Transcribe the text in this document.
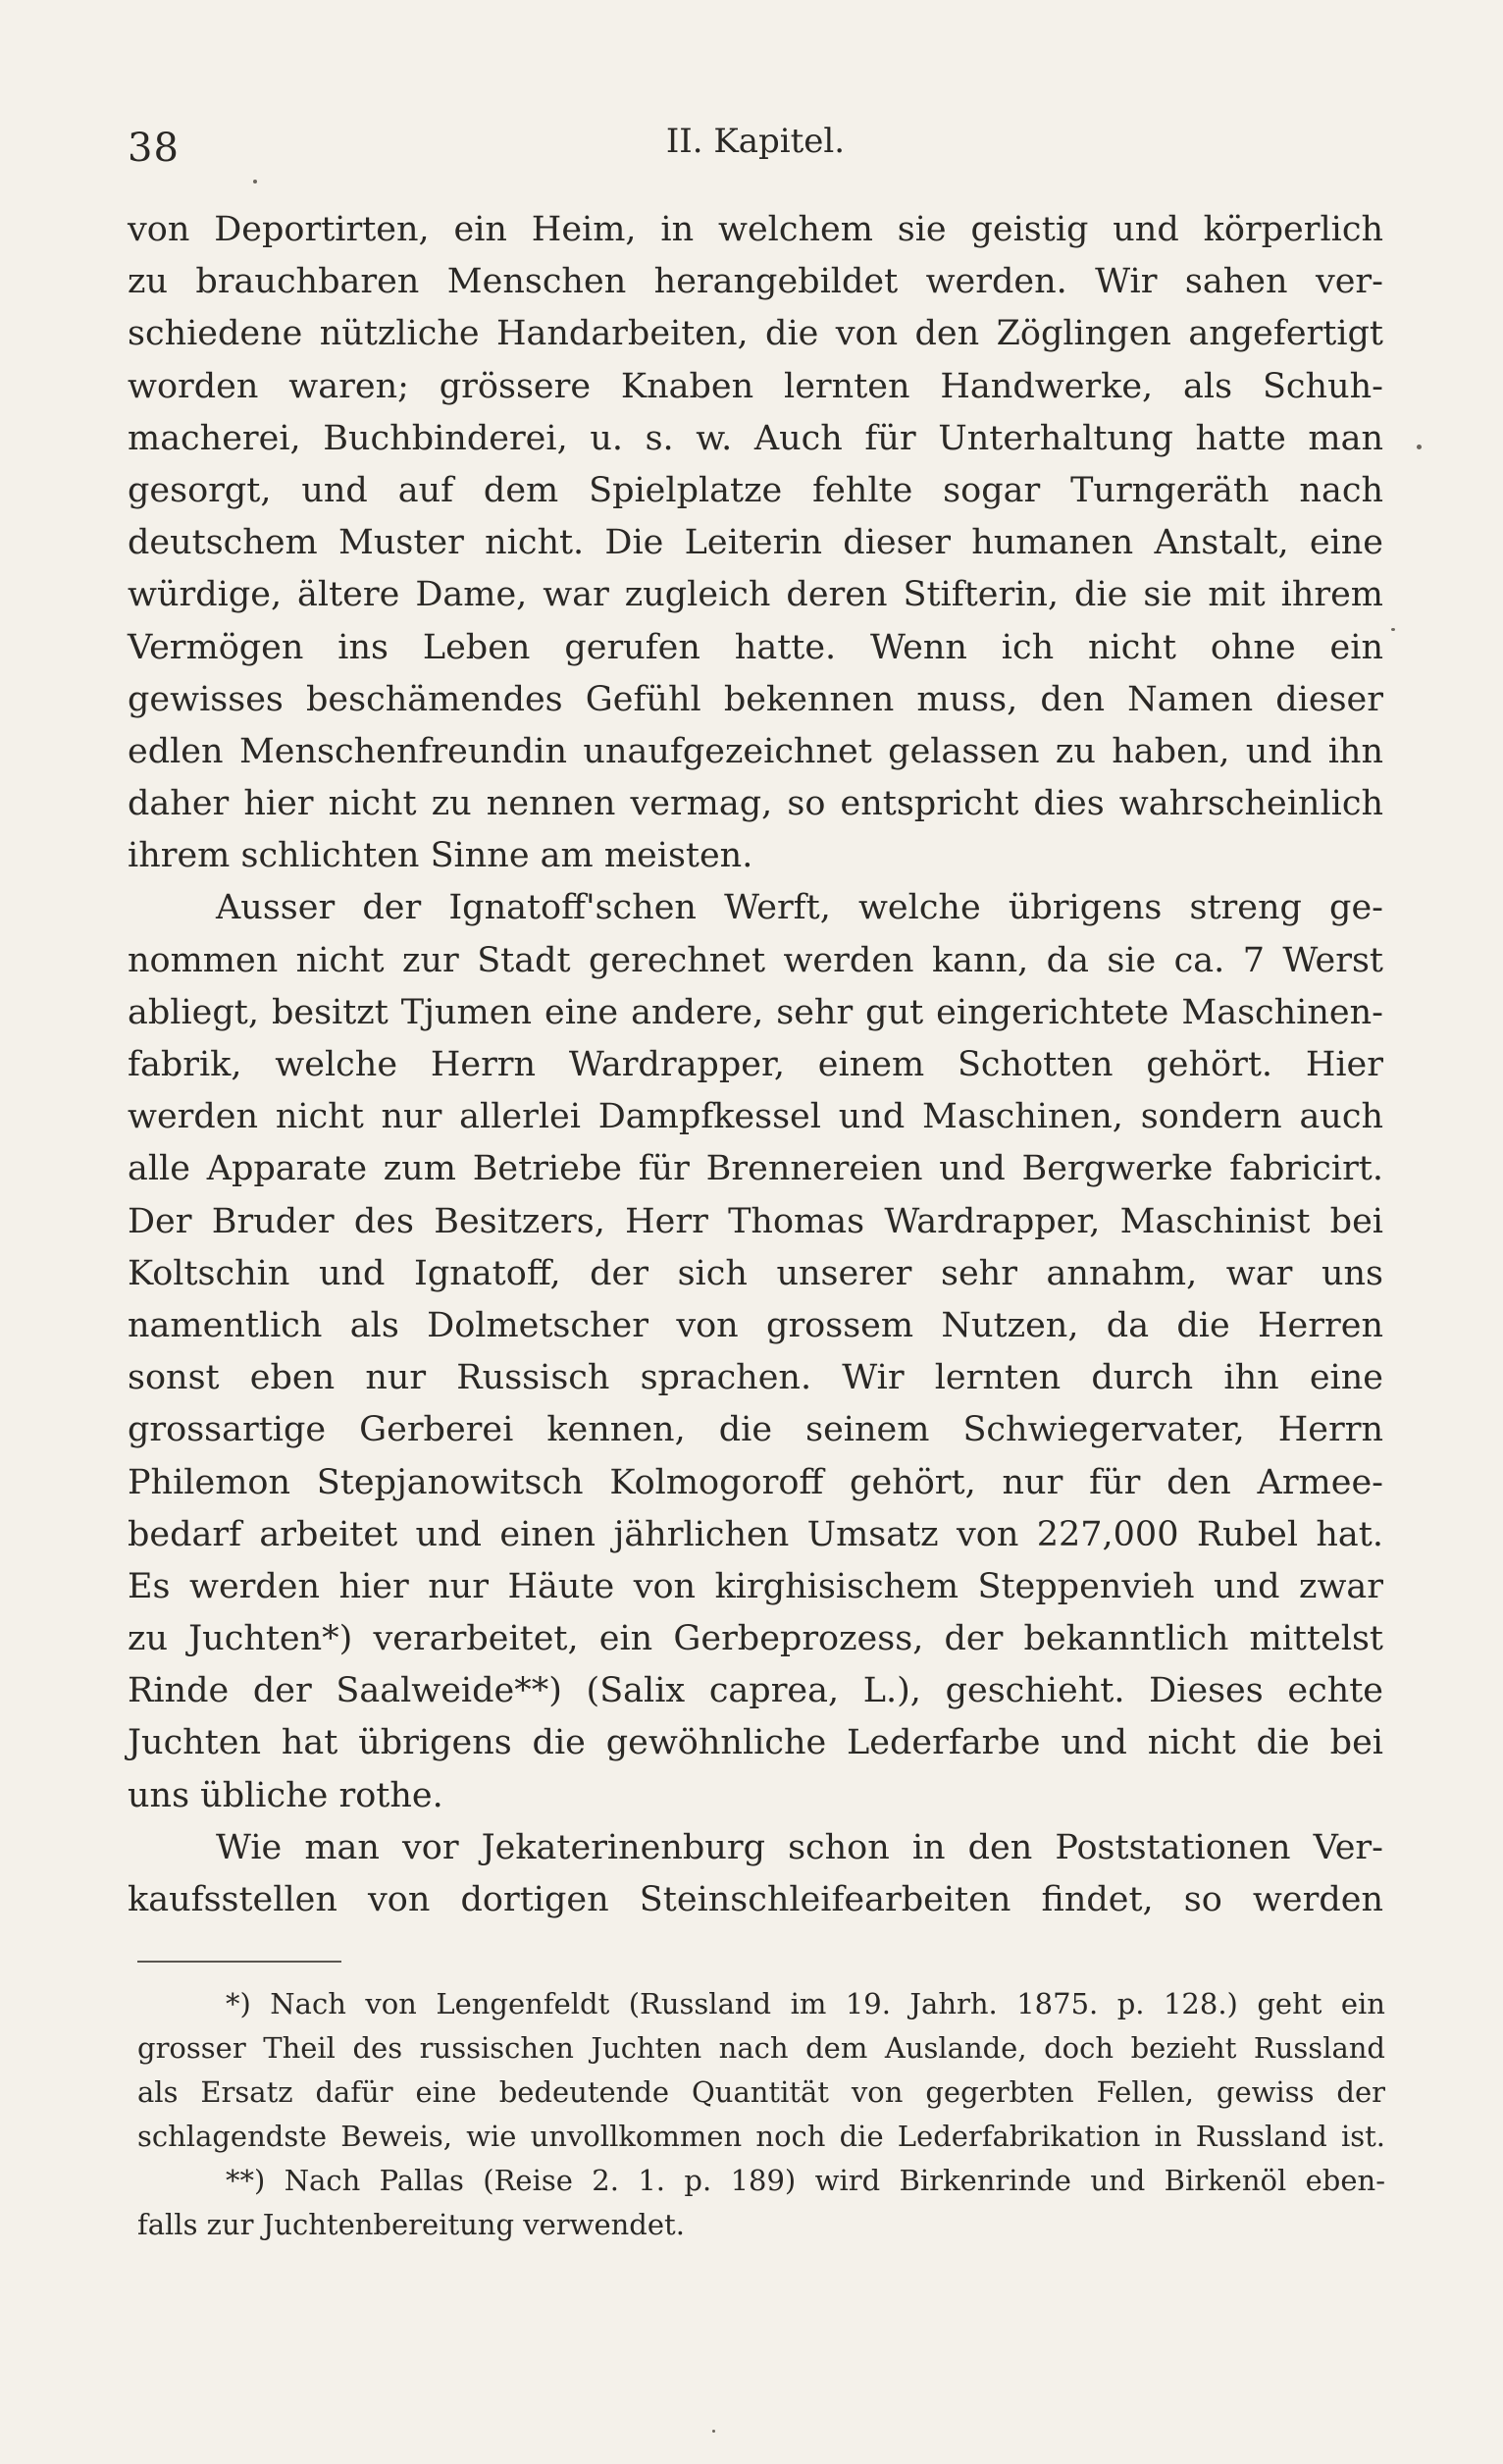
38	II. Kapitel.
von Deportirten, ein Heim, in welchem sie geistig und körperlich
zu brauchbaren Menschen herangebildet werden. Wir sahen ver-
schiedene nützliche Handarbeiten, die von den Zöglingen angefertigt
worden waren; grössere Knaben lernten Handwerke, als Schuh-
macherei, Buchbinderei, u. s. w. Auch für Unterhaltung hatte man
gesorgt, und auf dem Spielplatze fehlte sogar Turngeräth nach
deutschem Muster nicht. Die Leiterin dieser humanen Anstalt, eine
würdige, ältere Dame, war zugleich deren Stifterin, die sie mit ihrem
Vermögen ins Leben gerufen hatte. Wenn ich nicht ohne ein
gewisses beschämendes Gefühl bekennen muss, den Namen dieser
edlen Menschenfreundin unaufgezeichnet gelassen zu haben, und ihn
daher hier nicht zu nennen vermag, so entspricht dies wahrscheinlich
ihrem schlichten Sinne am meisten.
Ausser der Ignatoff'schen Werft, welche übrigens streng ge-
nommen nicht zur Stadt gerechnet werden kann, da sie ca. 7 Werst
abliegt, besitzt Tjumen eine andere, sehr gut eingerichtete Maschinen-
fabrik, welche Herrn Wardrapper, einem Schotten gehört. Hier
werden nicht nur allerlei Dampfkessel und Maschinen, sondern auch
alle Apparate zum Betriebe für Brennereien und Bergwerke fabricirt.
Der Bruder des Besitzers, Herr Thomas Wardrapper, Maschinist bei
Koltschin und Ignatoff, der sich unserer sehr annahm, war uns
namentlich als Dolmetscher von grossem Nutzen, da die Herren
sonst eben nur Russisch sprachen. Wir lernten durch ihn eine
grossartige Gerberei kennen, die seinem Schwiegervater, Herrn
Philemon Stepjanowitsch Kolmogoroff gehört, nur für den Armee-
bedarf arbeitet und einen jährlichen Umsatz von 227,000 Rubel hat.
Es werden hier nur Häute von kirghisischem Steppenvieh und zwar
zu Juchten*) verarbeitet, ein Gerbeprozess, der bekanntlich mittelst
Rinde der Saalweide**) (Salix caprea, L.), geschieht. Dieses echte
Juchten hat übrigens die gewöhnliche Lederfarbe und nicht die bei
uns übliche rothe.
Wie man vor Jekaterinenburg schon in den Poststationen Ver-
kaufsstellen von dortigen Steinschleifearbeiten findet, so werden
*) Nach von Lengenfeldt (Russland im 19. Jahrh. 1875. p. 128.) geht ein
grosser Theil des russischen Juchten nach dem Auslande, doch bezieht Russland
als Ersatz dafür eine bedeutende Quantität von gegerbten Fellen, gewiss der
schlagendste Beweis, wie unvollkommen noch die Lederfabrikation in Russland ist.
**) Nach Pallas (Reise 2. 1. p. 189) wird Birkenrinde und Birkenöl eben-
falls zur Juchtenbereitung verwendet.
